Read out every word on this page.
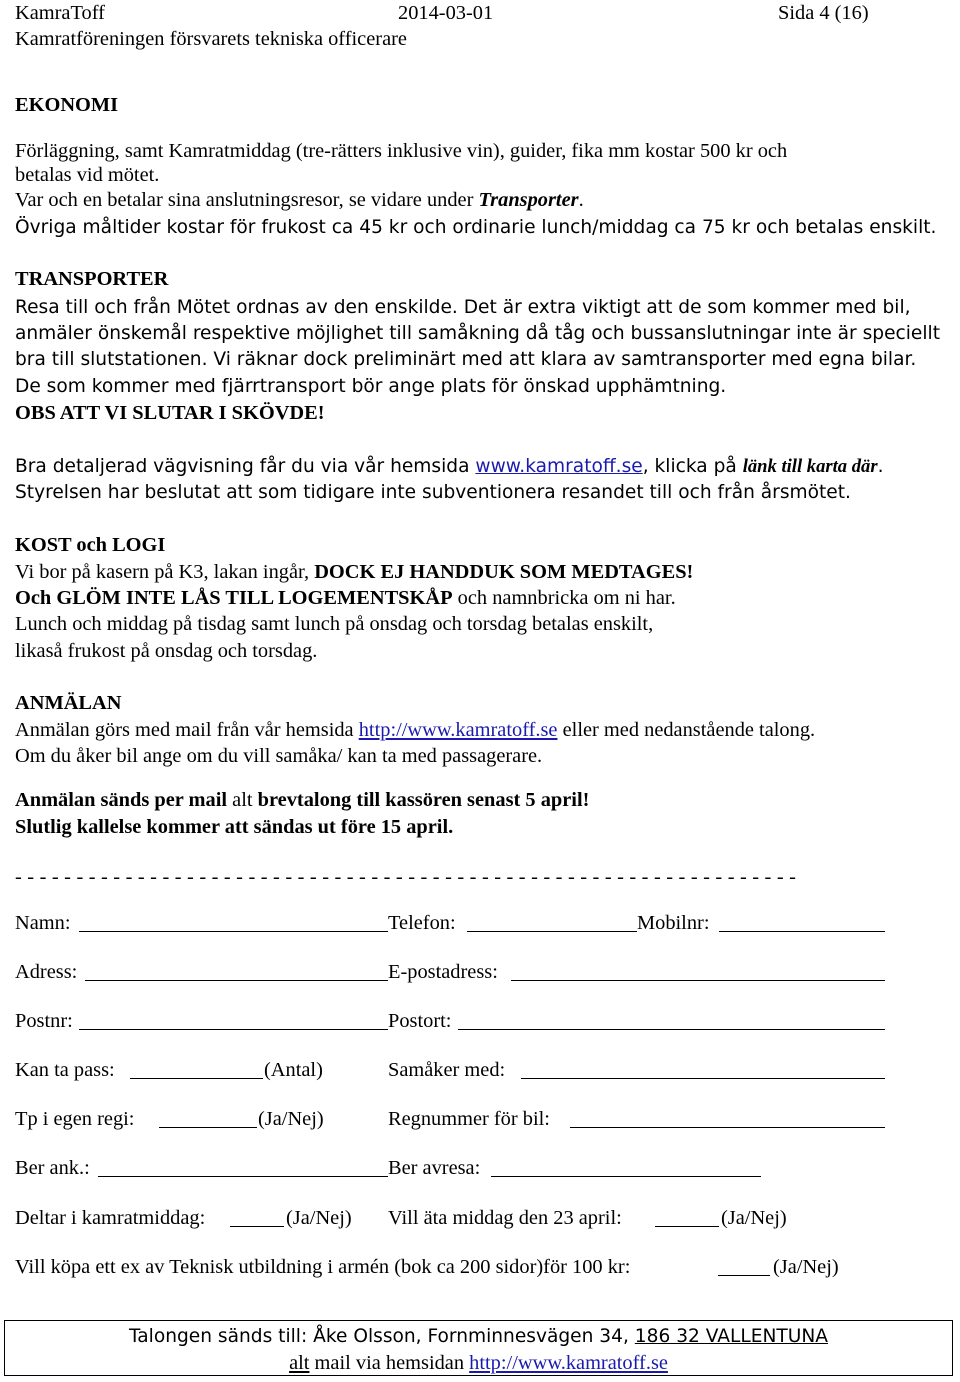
KamraToff	2014-03-01	Sida 4 (16)
Kamratföreningen försvarets tekniska officerare
EKONOMI
Förläggning, samt Kamratmiddag (tre-rätters inklusive vin), guider, fika mm kostar 500 kr och
betalas vid mötet.
Var och en betalar sina anslutningsresor, se vidare under Transporter.
Övriga måltider kostar för frukost ca 45 kr och ordinarie lunch/middag ca 75 kr och betalas enskilt.
TRANSPORTER
Resa till och från Mötet ordnas av den enskilde. Det är extra viktigt att de som kommer med bil,
anmäler önskemål respektive möjlighet till samåkning då tåg och bussanslutningar inte är speciellt
bra till slutstationen. Vi räknar dock preliminärt med att klara av samtransporter med egna bilar.
De som kommer med fjärrtransport bör ange plats för önskad upphämtning.
OBS ATT VI SLUTAR I SKÖVDE!
Bra detaljerad vägvisning får du via vår hemsida www.kamratoff.se, klicka på länk till karta där.
Styrelsen har beslutat att som tidigare inte subventionera resandet till och från årsmötet.
KOST och LOGI
Vi bor på kasern på K3, lakan ingår, DOCK EJ HANDDUK SOM MEDTAGES!
Och GLÖM INTE LÅS TILL LOGEMENTSKÅP och namnbricka om ni har.
Lunch och middag på tisdag samt lunch på onsdag och torsdag betalas enskilt,
likaså frukost på onsdag och torsdag.
ANMÄLAN
Anmälan görs med mail från vår hemsida http://www.kamratoff.se eller med nedanstående talong.
Om du åker bil ange om du vill samåka/ kan ta med passagerare.
Anmälan sänds per mail alt brevtalong till kassören senast 5 april!
Slutlig kallelse kommer att sändas ut före 15 april.
- - - - - - - - - - - - - - - - - - - - - - - - - - - - - - - - - - - - - - - - - - - - - - - - - - - - - - - - - - - - - - - -
Namn:	Telefon:	Mobilnr:
Adress:	E-postadress:
Postnr:	Postort:
Kan ta pass:	(Antal)	Samåker med:
Tp i egen regi:	(Ja/Nej)	Regnummer för bil:
Ber ank.:	Ber avresa:
Deltar i kamratmiddag:	(Ja/Nej) Vill äta middag den 23 april:	(Ja/Nej)
Vill köpa ett ex av Teknisk utbildning i armén (bok ca 200 sidor)för 100 kr:	(Ja/Nej)
Talongen sänds till: Åke Olsson, Fornminnesvägen 34, 186 32 VALLENTUNA
alt mail via hemsidan http://www.kamratoff.se
